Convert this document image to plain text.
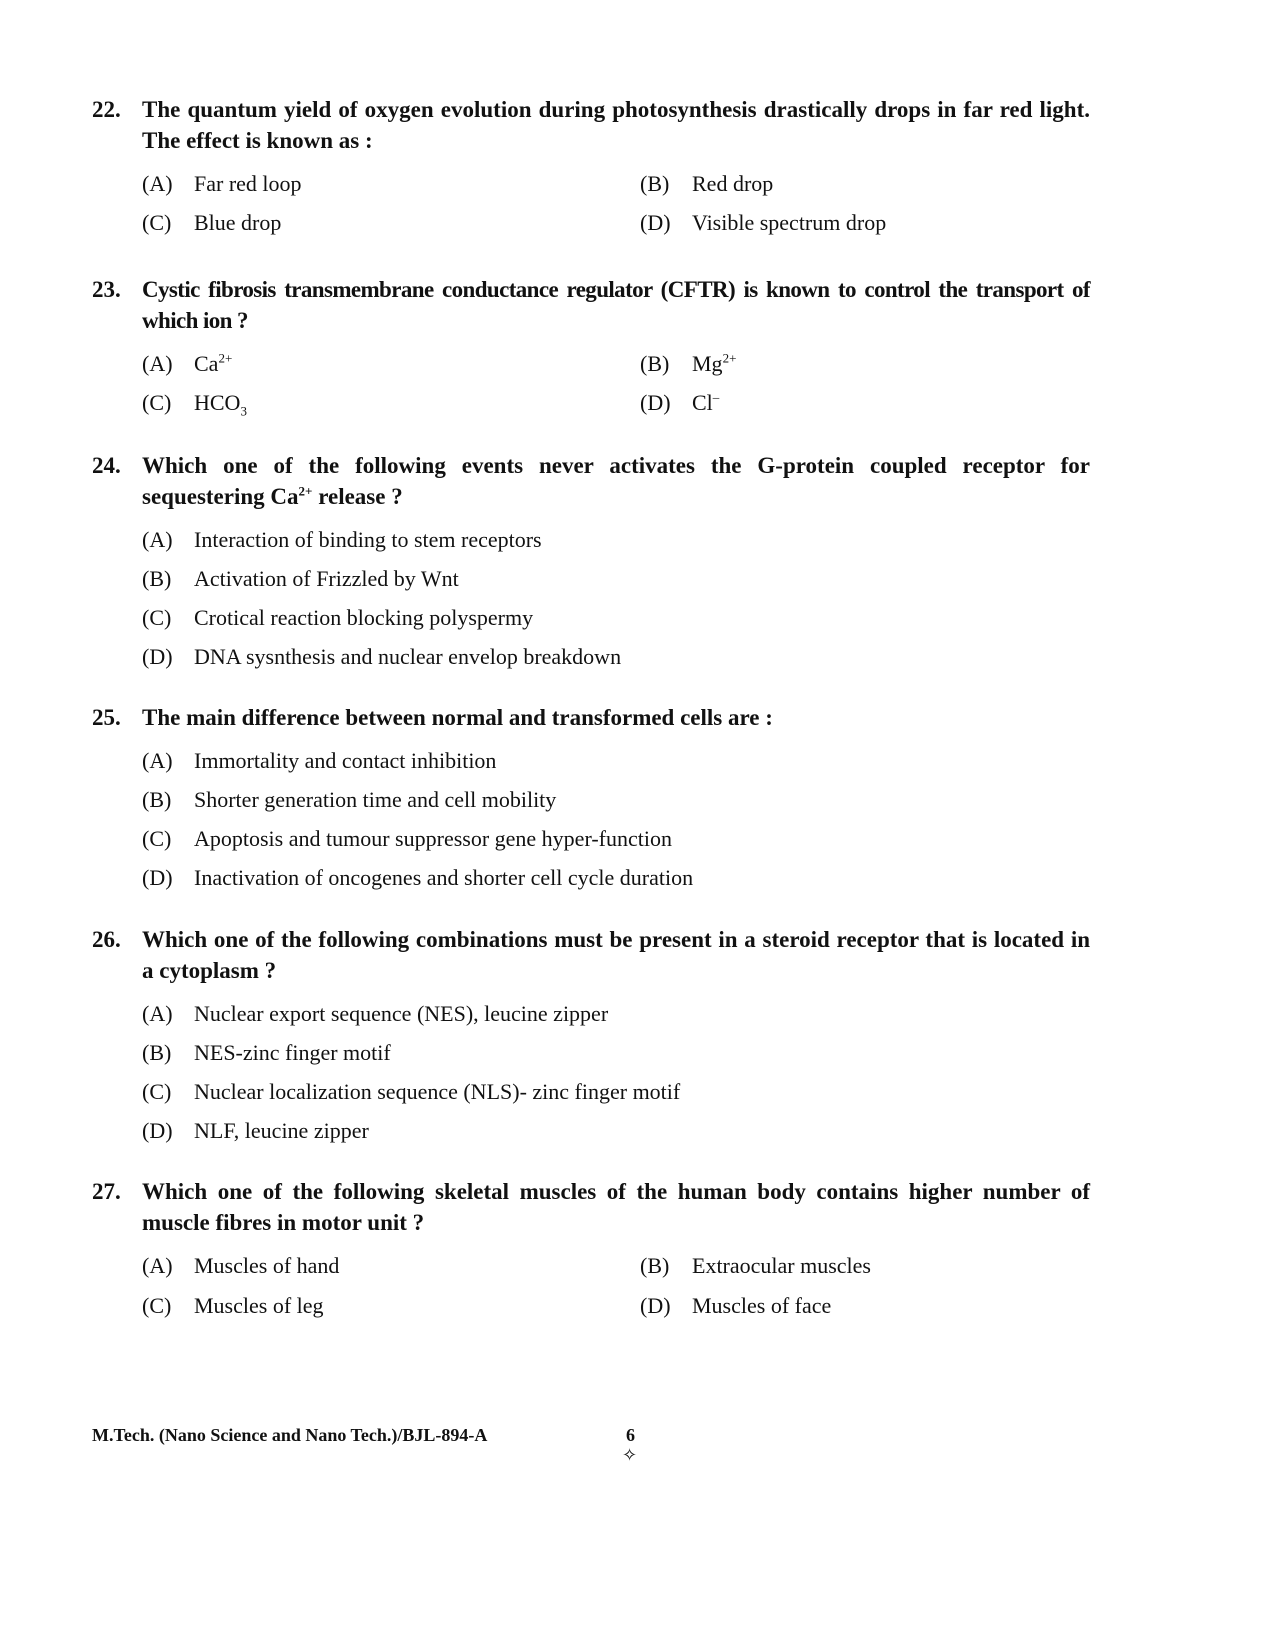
22. The quantum yield of oxygen evolution during photosynthesis drastically drops in far red light. The effect is known as :
(A) Far red loop	(B)	Red drop
(C)	Blue drop	(D) Visible spectrum drop
23. Cystic fibrosis transmembrane conductance regulator (CFTR) is known to control the transport of which ion ?
(A) $Ca^{2+}$	(B)	$Mg^{2+}$
(C)	$HCO_3$	(D) Cl–
24. Which one of the following events never activates the G-protein coupled receptor for sequestering $Ca^{2+}$ release ?
(A) Interaction of binding to stem receptors
(B)	Activation of Frizzled by Wnt
(C)	Crotical reaction blocking polyspermy
(D) DNA sysnthesis and nuclear envelop breakdown
25. The main difference between normal and transformed cells are :
(A) Immortality and contact inhibition
(B)	Shorter generation time and cell mobility
(C)	Apoptosis and tumour suppressor gene hyper-function
(D) Inactivation of oncogenes and shorter cell cycle duration
26. Which one of the following combinations must be present in a steroid receptor that is located in a cytoplasm ?
(A) Nuclear export sequence (NES), leucine zipper
(B)	NES-zinc finger motif
(C)	Nuclear localization sequence (NLS)- zinc finger motif
(D) NLF, leucine zipper
27. Which one of the following skeletal muscles of the human body contains higher number of muscle fibres in motor unit ?
(A) Muscles of hand	(B)	Extraocular muscles
(C)	Muscles of leg	(D) Muscles of face
M.Tech. (Nano Science and Nano Tech.)/BJL-894-A	6
✧
